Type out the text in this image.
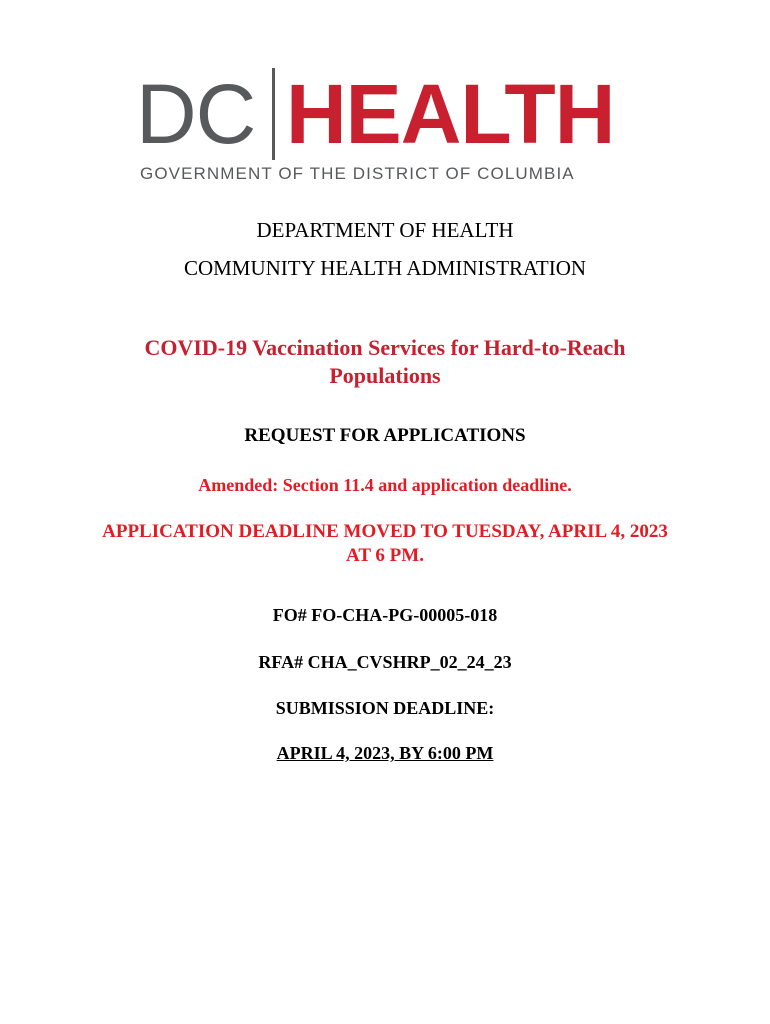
DC HEALTH
GOVERNMENT OF THE DISTRICT OF COLUMBIA
DEPARTMENT OF HEALTH
COMMUNITY HEALTH ADMINISTRATION
COVID-19 Vaccination Services for Hard-to-Reach Populations
REQUEST FOR APPLICATIONS
Amended: Section 11.4 and application deadline.
APPLICATION DEADLINE MOVED TO TUESDAY, APRIL 4, 2023 AT 6 PM.
FO# FO-CHA-PG-00005-018
RFA# CHA_CVSHRP_02_24_23
SUBMISSION DEADLINE:
APRIL 4, 2023, BY 6:00 PM
